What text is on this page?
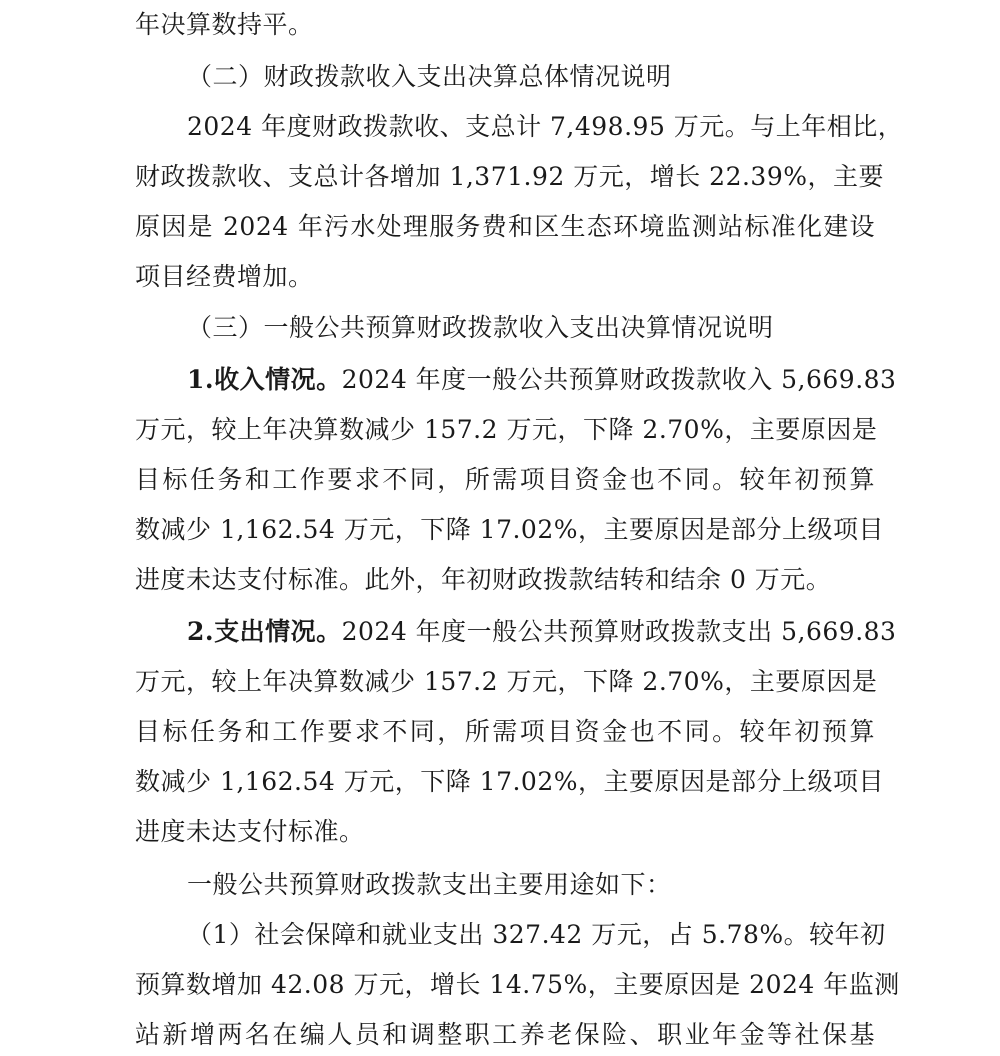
年决算数持平。
（二）财政拨款收入支出决算总体情况说明
2024 年度财政拨款收、支总计 7,498.95 万元。与上年相比，
财政拨款收、支总计各增加 1,371.92 万元，增长 22.39%，主要
原因是 2024 年污水处理服务费和区生态环境监测站标准化建设
项目经费增加。
（三）一般公共预算财政拨款收入支出决算情况说明
1.收入情况。2024 年度一般公共预算财政拨款收入 5,669.83
万元，较上年决算数减少 157.2 万元，下降 2.70%，主要原因是
目标任务和工作要求不同，所需项目资金也不同。较年初预算
数减少 1,162.54 万元，下降 17.02%，主要原因是部分上级项目
进度未达支付标准。此外，年初财政拨款结转和结余 0 万元。
2.支出情况。2024 年度一般公共预算财政拨款支出 5,669.83
万元，较上年决算数减少 157.2 万元，下降 2.70%，主要原因是
目标任务和工作要求不同，所需项目资金也不同。较年初预算
数减少 1,162.54 万元，下降 17.02%，主要原因是部分上级项目
进度未达支付标准。
一般公共预算财政拨款支出主要用途如下：
（1）社会保障和就业支出 327.42 万元，占 5.78%。较年初
预算数增加 42.08 万元，增长 14.75%，主要原因是 2024 年监测
站新增两名在编人员和调整职工养老保险、职业年金等社保基
